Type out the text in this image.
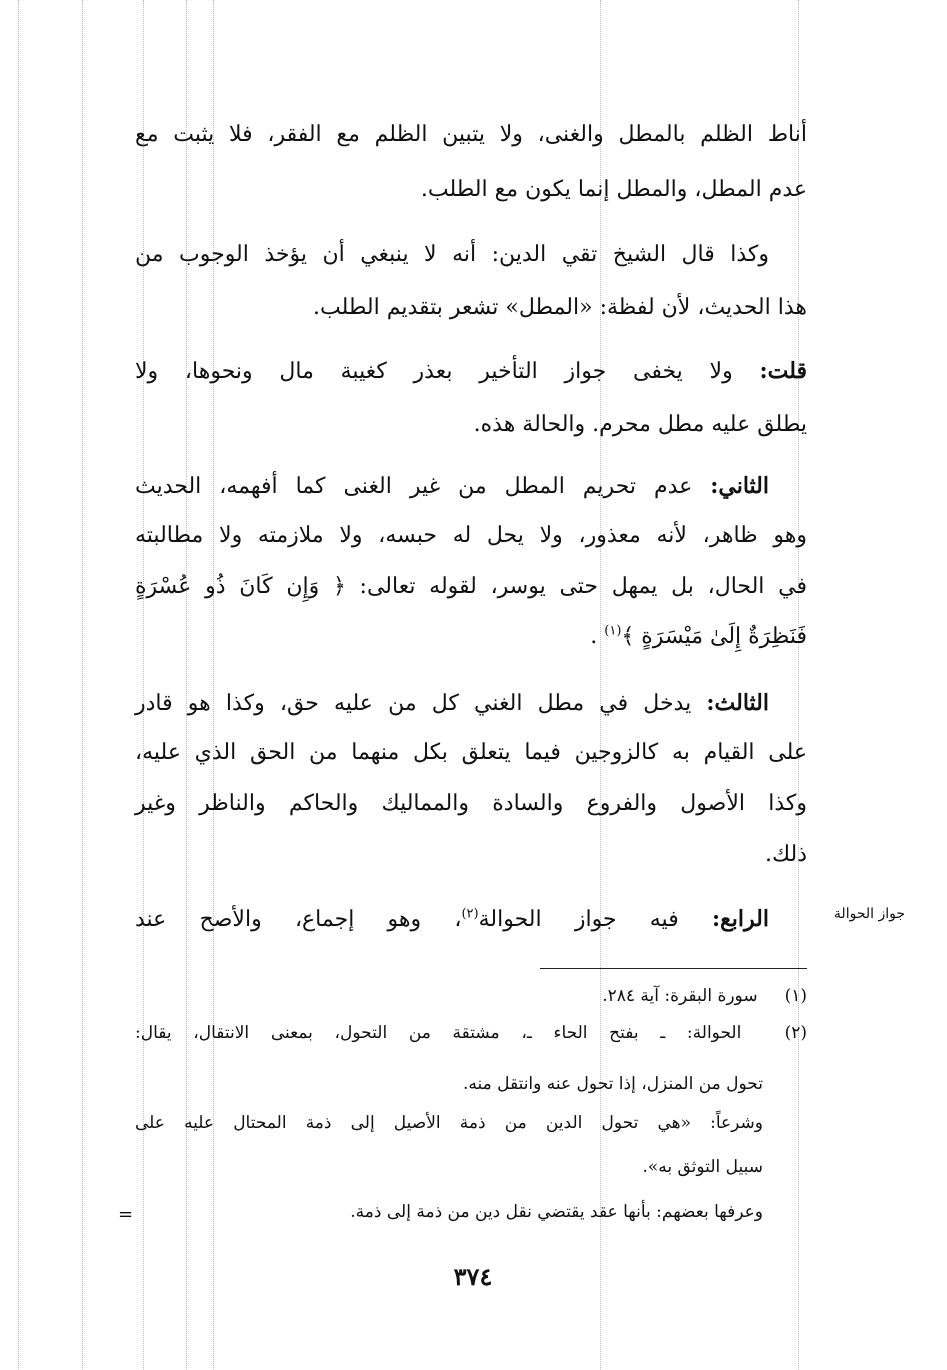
أناط الظلم بالمطل والغنى، ولا يتبين الظلم مع الفقر، فلا يثبت مع
عدم المطل، والمطل إنما يكون مع الطلب.
وكذا قال الشيخ تقي الدين: أنه لا ينبغي أن يؤخذ الوجوب من
هذا الحديث، لأن لفظة: «المطل» تشعر بتقديم الطلب.
قلت: ولا يخفى جواز التأخير بعذر كغيبة مال ونحوها، ولا
يطلق عليه مطل محرم. والحالة هذه.
الثاني: عدم تحريم المطل من غير الغنى كما أفهمه، الحديث
وهو ظاهر، لأنه معذور، ولا يحل له حبسه، ولا ملازمته ولا مطالبته
في الحال، بل يمهل حتى يوسر، لقوله تعالى: ﴿ وَإِن كَانَ ذُو عُسْرَةٍ
فَنَظِرَةٌ إِلَىٰ مَيْسَرَةٍ ﴾$^{(١)}$ .
الثالث: يدخل في مطل الغني كل من عليه حق، وكذا هو قادر
على القيام به كالزوجين فيما يتعلق بكل منهما من الحق الذي عليه،
وكذا الأصول والفروع والسادة والمماليك والحاكم والناظر وغير
ذلك.
الرابع: فيه جواز الحوالة$^{(٢)}$، وهو إجماع، والأصح عند	جواز الحوالة
(١) سورة البقرة: آية ٢٨٤.
(٢) الحوالة: ـ بفتح الحاء ـ، مشتقة من التحول، بمعنى الانتقال، يقال:
تحول من المنزل، إذا تحول عنه وانتقل منه.
وشرعاً: «هي تحول الدين من ذمة الأصيل إلى ذمة المحتال عليه على
سبيل التوثق به».
وعرفها بعضهم: بأنها عقد يقتضي نقل دين من ذمة إلى ذمة.
=
٣٧٤
